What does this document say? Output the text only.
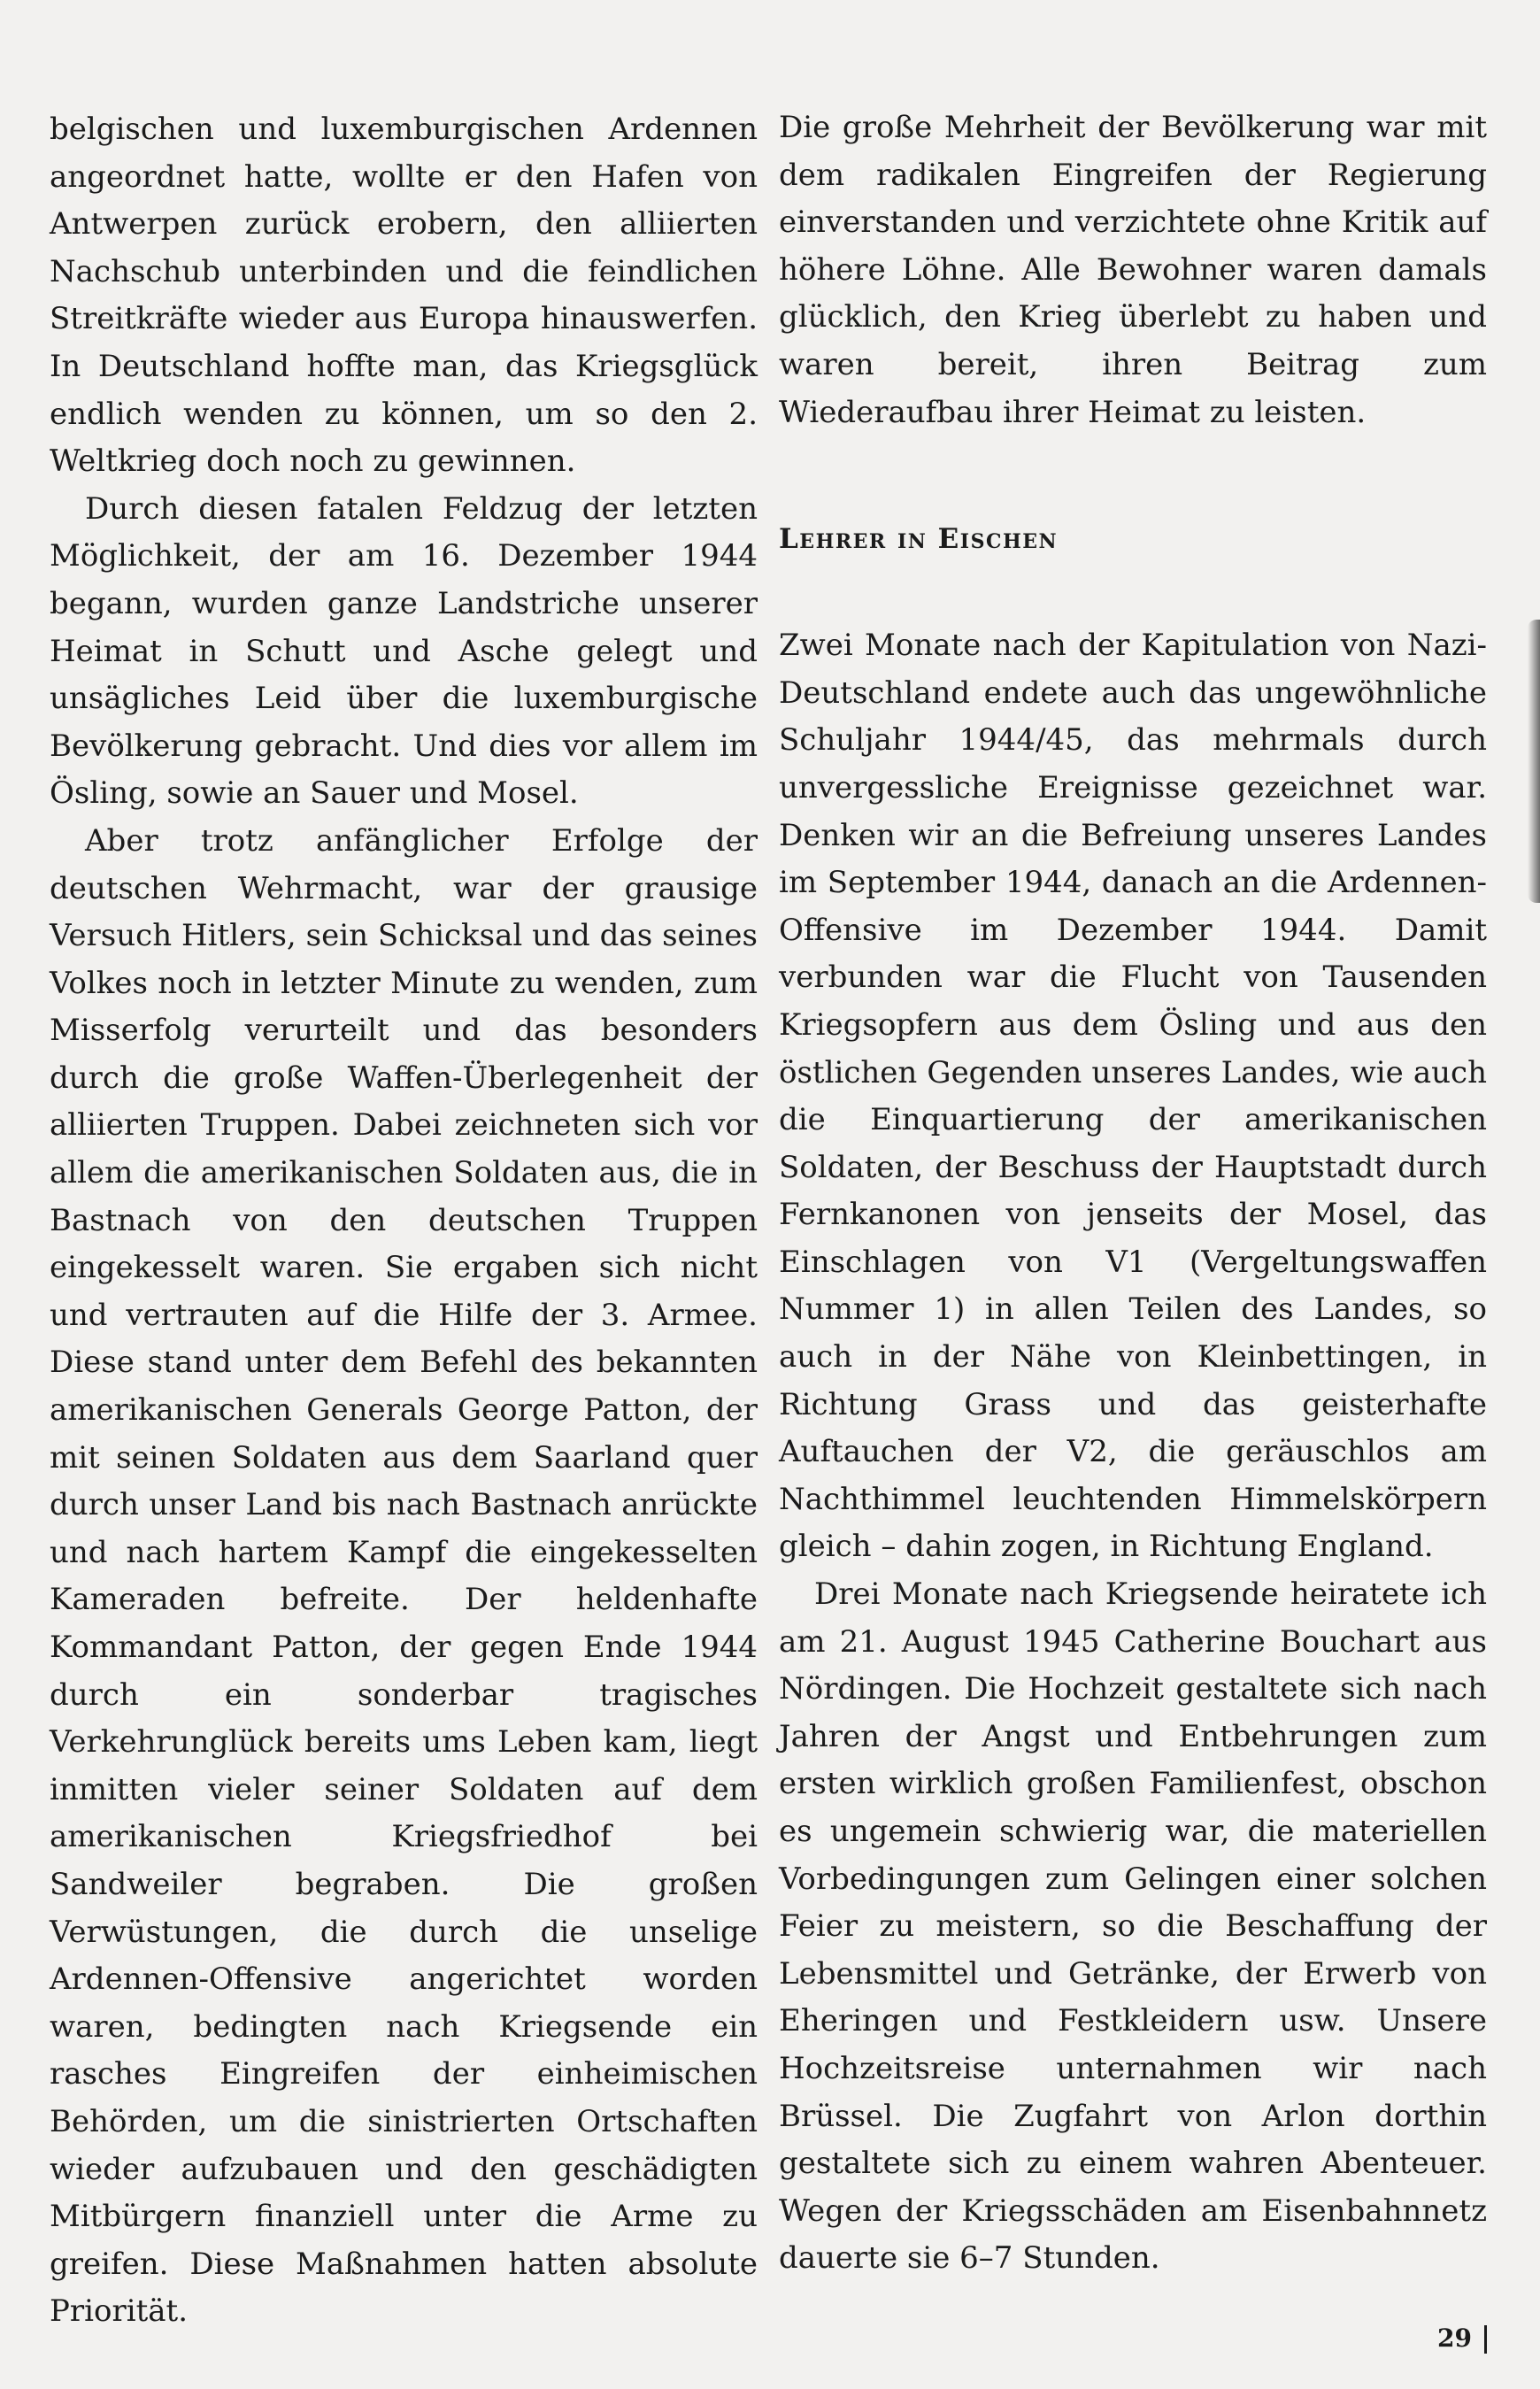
belgischen und luxemburgischen Ardennen angeordnet hatte, wollte er den Hafen von Antwerpen zurück erobern, den alliierten Nachschub unterbinden und die feindlichen Streitkräfte wieder aus Europa hinauswerfen. In Deutschland hoffte man, das Kriegsglück endlich wenden zu können, um so den 2. Weltkrieg doch noch zu gewinnen.

Durch diesen fatalen Feldzug der letzten Möglichkeit, der am 16. Dezember 1944 begann, wurden ganze Landstriche unserer Heimat in Schutt und Asche gelegt und unsägliches Leid über die luxemburgische Bevölkerung gebracht. Und dies vor allem im Ösling, sowie an Sauer und Mosel.

Aber trotz anfänglicher Erfolge der deutschen Wehrmacht, war der grausige Versuch Hitlers, sein Schicksal und das seines Volkes noch in letzter Minute zu wenden, zum Misserfolg verurteilt und das besonders durch die große Waffen-Überlegenheit der alliierten Truppen. Dabei zeichneten sich vor allem die amerikanischen Soldaten aus, die in Bastnach von den deutschen Truppen eingekesselt waren. Sie ergaben sich nicht und vertrauten auf die Hilfe der 3. Armee. Diese stand unter dem Befehl des bekannten amerikanischen Generals George Patton, der mit seinen Soldaten aus dem Saarland quer durch unser Land bis nach Bastnach anrückte und nach hartem Kampf die eingekesselten Kameraden befreite. Der heldenhafte Kommandant Patton, der gegen Ende 1944 durch ein sonderbar tragisches Verkehrunglück bereits ums Leben kam, liegt inmitten vieler seiner Soldaten auf dem amerikanischen Kriegsfriedhof bei Sandweiler begraben. Die großen Verwüstungen, die durch die unselige Ardennen-Offensive angerichtet worden waren, bedingten nach Kriegsende ein rasches Eingreifen der einheimischen Behörden, um die sinistrierten Ortschaften wieder aufzubauen und den geschädigten Mitbürgern finanziell unter die Arme zu greifen. Diese Maßnahmen hatten absolute Priorität.

Die große Mehrheit der Bevölkerung war mit dem radikalen Eingreifen der Regierung einverstanden und verzichtete ohne Kritik auf höhere Löhne. Alle Bewohner waren damals glücklich, den Krieg überlebt zu haben und waren bereit, ihren Beitrag zum Wiederaufbau ihrer Heimat zu leisten.

Lehrer in Eischen

Zwei Monate nach der Kapitulation von Nazi-Deutschland endete auch das ungewöhnliche Schuljahr 1944/45, das mehrmals durch unvergessliche Ereignisse gezeichnet war. Denken wir an die Befreiung unseres Landes im September 1944, danach an die Ardennen-Offensive im Dezember 1944. Damit verbunden war die Flucht von Tausenden Kriegsopfern aus dem Ösling und aus den östlichen Gegenden unseres Landes, wie auch die Einquartierung der amerikanischen Soldaten, der Beschuss der Hauptstadt durch Fernkanonen von jenseits der Mosel, das Einschlagen von V1 (Vergeltungswaffen Nummer 1) in allen Teilen des Landes, so auch in der Nähe von Kleinbettingen, in Richtung Grass und das geisterhafte Auftauchen der V2, die geräuschlos am Nachthimmel leuchtenden Himmelskörpern gleich – dahin zogen, in Richtung England.

Drei Monate nach Kriegsende heiratete ich am 21. August 1945 Catherine Bouchart aus Nördingen. Die Hochzeit gestaltete sich nach Jahren der Angst und Entbehrungen zum ersten wirklich großen Familienfest, obschon es ungemein schwierig war, die materiellen Vorbedingungen zum Gelingen einer solchen Feier zu meistern, so die Beschaffung der Lebensmittel und Getränke, der Erwerb von Eheringen und Festkleidern usw. Unsere Hochzeitsreise unternahmen wir nach Brüssel. Die Zugfahrt von Arlon dorthin gestaltete sich zu einem wahren Abenteuer. Wegen der Kriegsschäden am Eisenbahnnetz dauerte sie 6–7 Stunden.

29
